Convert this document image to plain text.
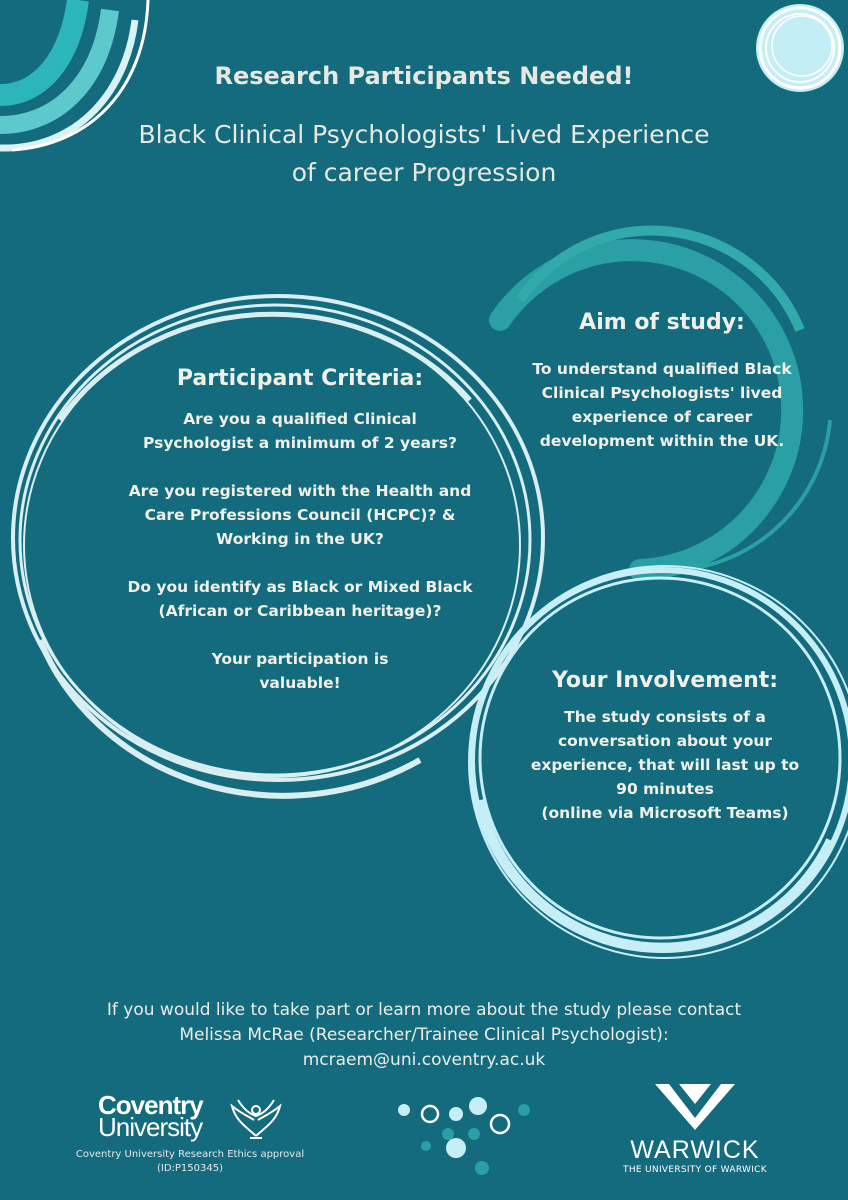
Research Participants Needed!
Black Clinical Psychologists' Lived Experience
of career Progression
Participant Criteria:

Are you a qualified Clinical
Psychologist a minimum of 2 years?

Are you registered with the Health and
Care Professions Council (HCPC)? &
Working in the UK?

Do you identify as Black or Mixed Black
(African or Caribbean heritage)?

Your participation is
valuable!

Aim of study:

To understand qualified Black
Clinical Psychologists' lived
experience of career
development within the UK.

Your Involvement:

The study consists of a
conversation about your
experience, that will last up to
90 minutes
(online via Microsoft Teams)

If you would like to take part or learn more about the study please contact
Melissa McRae (Researcher/Trainee Clinical Psychologist):
mcraem@uni.coventry.ac.uk
Coventry
University
Coventry University Research Ethics approval
(ID:P150345)
WARWICK
THE UNIVERSITY OF WARWICK
